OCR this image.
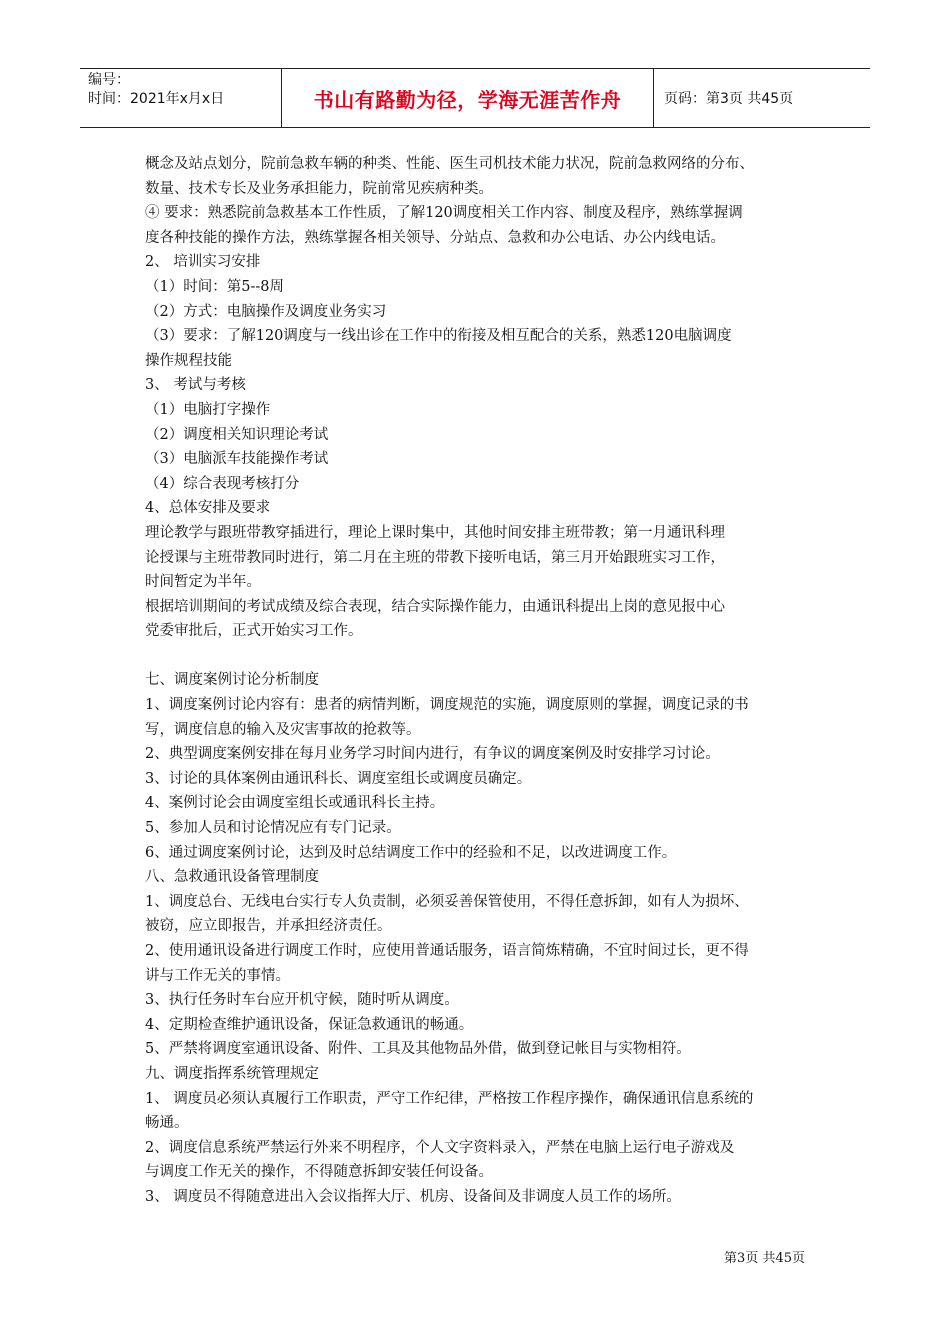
编号：
时间：2021年x月x日	书山有路勤为径，学海无涯苦作舟	页码：第3页 共45页

概念及站点划分，院前急救车辆的种类、性能、医生司机技术能力状况，院前急救网络的分布、

数量、技术专长及业务承担能力，院前常见疾病种类。

④ 要求：熟悉院前急救基本工作性质，了解120调度相关工作内容、制度及程序，熟练掌握调

度各种技能的操作方法，熟练掌握各相关领导、分站点、急救和办公电话、办公内线电话。

2、 培训实习安排

（1）时间：第5--8周

（2）方式：电脑操作及调度业务实习

（3）要求：了解120调度与一线出诊在工作中的衔接及相互配合的关系，熟悉120电脑调度

操作规程技能

3、 考试与考核

（1）电脑打字操作

（2）调度相关知识理论考试

（3）电脑派车技能操作考试

（4）综合表现考核打分

4、总体安排及要求

理论教学与跟班带教穿插进行，理论上课时集中，其他时间安排主班带教；第一月通讯科理

论授课与主班带教同时进行，第二月在主班的带教下接听电话，第三月开始跟班实习工作，

时间暂定为半年。

根据培训期间的考试成绩及综合表现，结合实际操作能力，由通讯科提出上岗的意见报中心

党委审批后，正式开始实习工作。

七、调度案例讨论分析制度

1、调度案例讨论内容有：患者的病情判断，调度规范的实施，调度原则的掌握，调度记录的书

写，调度信息的输入及灾害事故的抢救等。

2、典型调度案例安排在每月业务学习时间内进行，有争议的调度案例及时安排学习讨论。

3、讨论的具体案例由通讯科长、调度室组长或调度员确定。

4、案例讨论会由调度室组长或通讯科长主持。

5、参加人员和讨论情况应有专门记录。

6、通过调度案例讨论，达到及时总结调度工作中的经验和不足，以改进调度工作。

八、急救通讯设备管理制度

1、调度总台、无线电台实行专人负责制，必须妥善保管使用，不得任意拆卸，如有人为损坏、

被窃，应立即报告，并承担经济责任。

2、使用通讯设备进行调度工作时，应使用普通话服务，语言简炼精确，不宜时间过长，更不得

讲与工作无关的事情。

3、执行任务时车台应开机守候，随时听从调度。

4、定期检查维护通讯设备，保证急救通讯的畅通。

5、严禁将调度室通讯设备、附件、工具及其他物品外借，做到登记帐目与实物相符。

九、调度指挥系统管理规定

1、 调度员必须认真履行工作职责，严守工作纪律，严格按工作程序操作，确保通讯信息系统的

畅通。

2、调度信息系统严禁运行外来不明程序，个人文字资料录入，严禁在电脑上运行电子游戏及

与调度工作无关的操作，不得随意拆卸安装任何设备。

3、 调度员不得随意进出入会议指挥大厅、机房、设备间及非调度人员工作的场所。

第3页 共45页
